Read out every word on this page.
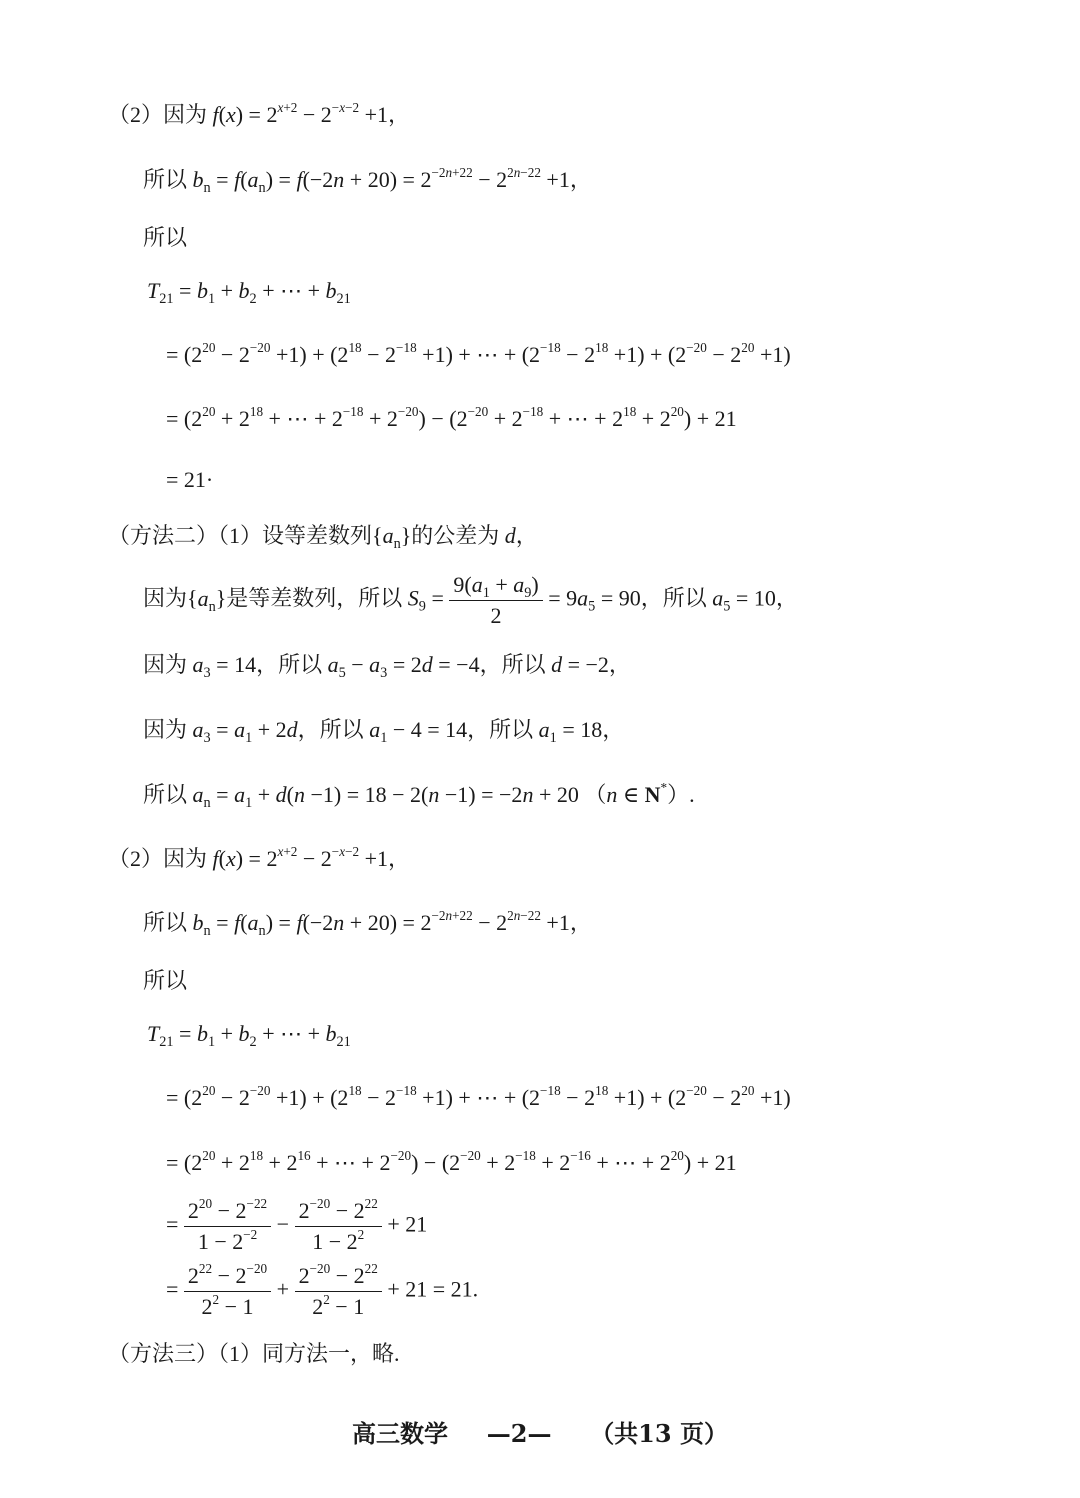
（2）因为 $f(x) = 2^{x+2} - 2^{-x-2} +1$，
所以 $b_n = f(a_n) = f(-2n + 20) = 2^{-2n+22} - 2^{2n-22} +1$，
所以
$T_{21} = b_1 + b_2$ + ⋯ + $b_{21}$
= $(2^{20} - 2^{-20} +1) + (2^{18} - 2^{-18} +1)$ + ⋯ + $(2^{-18} - 2^{18} +1) + (2^{-20} - 2^{20} +1)$
= ($2^{20} + 2^{18}$ + ⋯ + $2^{-18} + 2^{-20}) - (2^{-20} + 2^{-18}$ + ⋯ + $2^{18} + 2^{20}) + 21$
= 21·
（方法二）（1）设等差数列$\{a_n\}$的公差为 d，
因为$\{a_n\}$是等差数列，所以 $S_9 = \frac{9(a_1 + a_9)}{2} = 9a_5 = 90$，所以 $a_5 = 10$，
因为 $a_3 = 14$，所以 $a_5 - a_3 = 2d = -4$，所以 d = −2，
因为 $a_3 = a_1 + 2d$，所以 $a_1 - 4 = 14$，所以 $a_1 = 18$，
所以 $a_n = a_1 + d(n -1) = 18 - 2(n -1) = -2n + 20$ （n ∈ N*）.
（2）因为 $f(x) = 2^{x+2} - 2^{-x-2} +1$，
所以 $b_n = f(a_n) = f(-2n + 20) = 2^{-2n+22} - 2^{2n-22} +1$，
所以
$T_{21} = b_1 + b_2$ + ⋯ + $b_{21}$
= $(2^{20} - 2^{-20} +1) + (2^{18} - 2^{-18} +1)$ + ⋯ + $(2^{-18} - 2^{18} +1) + (2^{-20} - 2^{20} +1)$
= ($2^{20} + 2^{18} + 2^{16}$ + ⋯ + $2^{-20}) - (2^{-20} + 2^{-18} + 2^{-16}$ + ⋯ + $2^{20}) + 21$
= $\frac{2^{20} - 2^{-22}}{1 - 2^{-2}} - \frac{2^{-20} - 2^{22}}{1 - 2^2} + 21$
= $\frac{2^{22} - 2^{-20}}{2^2 - 1} + \frac{2^{-20} - 2^{22}}{2^2 - 1} + 21 = 21$.
（方法三）（1）同方法一，略.
高三数学 —2— （共13 页）
